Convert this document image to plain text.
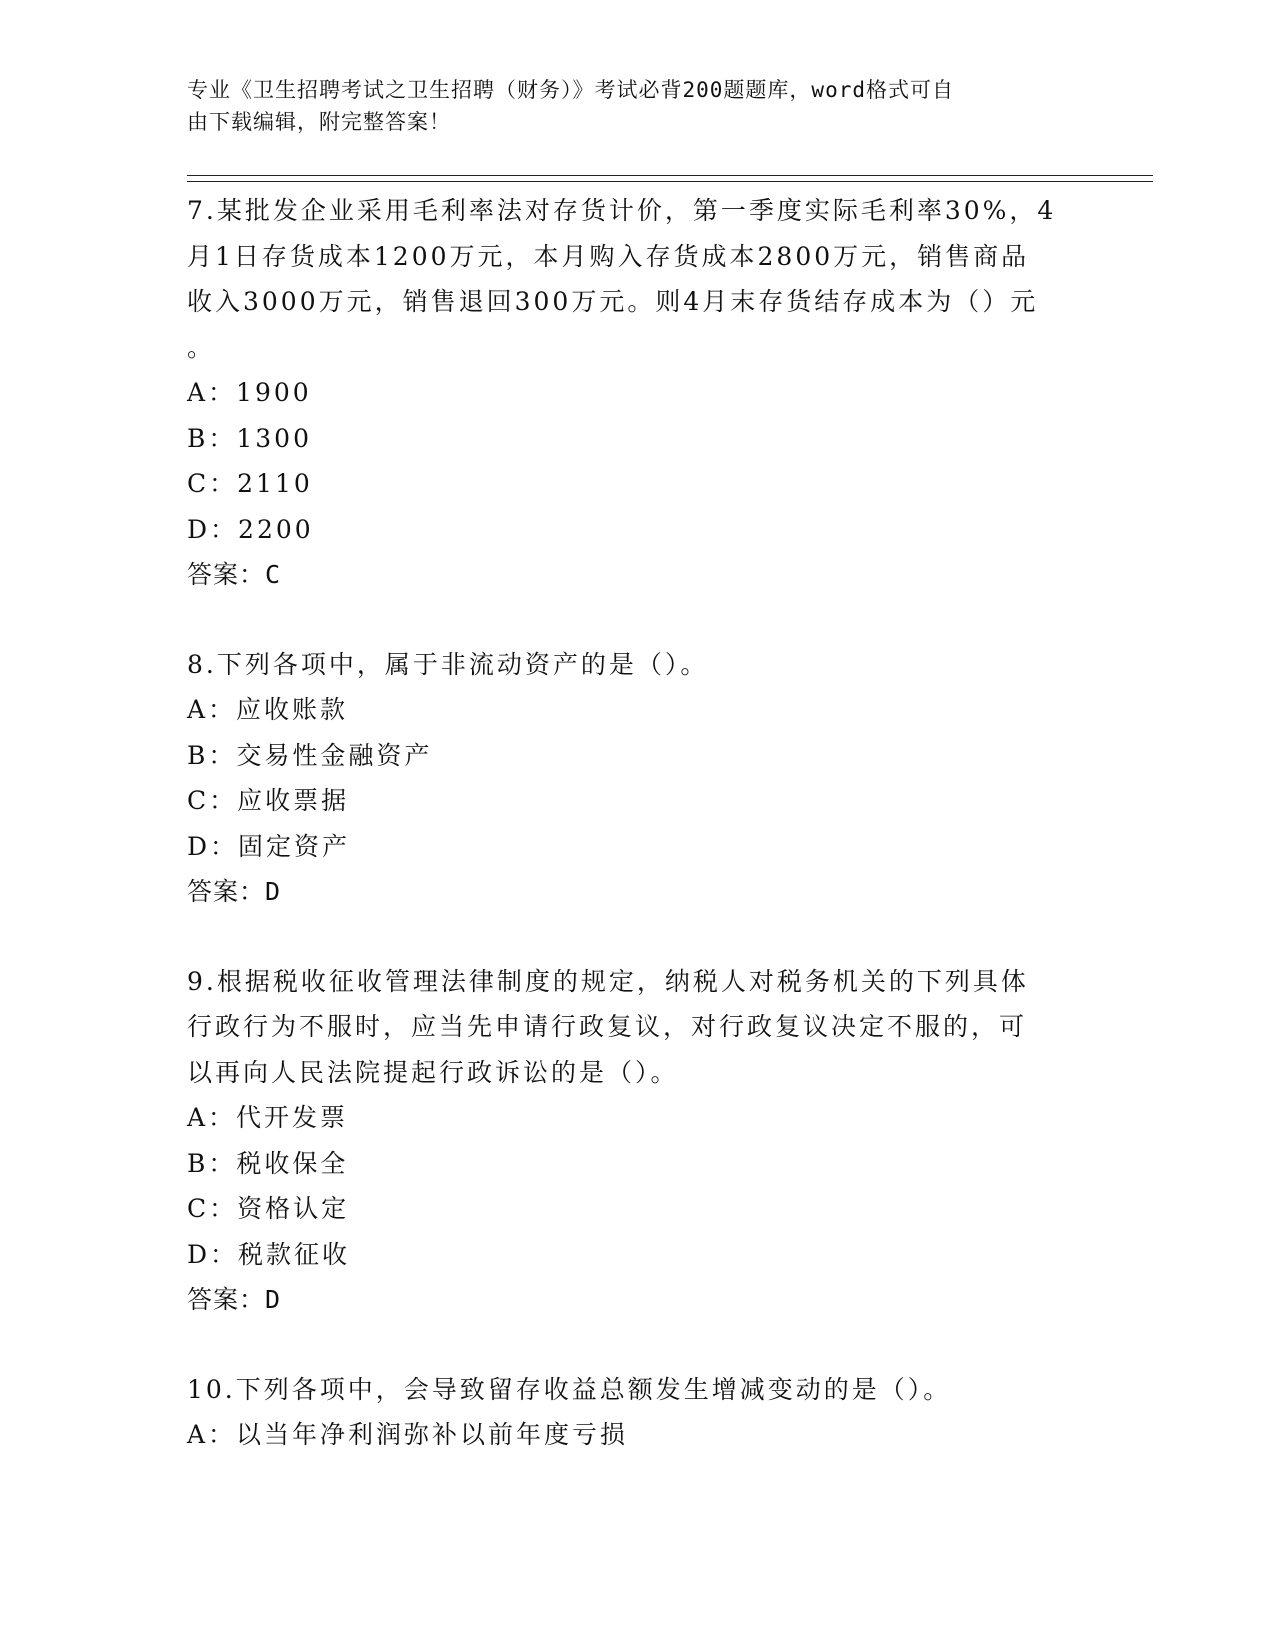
专业《卫生招聘考试之卫生招聘（财务）》考试必背200题题库，word格式可自
由下载编辑，附完整答案！
7.某批发企业采用毛利率法对存货计价，第一季度实际毛利率30%，4
月1日存货成本1200万元，本月购入存货成本2800万元，销售商品
收入3000万元，销售退回300万元。则4月末存货结存成本为（）元
。
A：1900
B：1300
C：2110
D：2200
答案：C
8.下列各项中，属于非流动资产的是（）。
A：应收账款
B：交易性金融资产
C：应收票据
D：固定资产
答案：D
9.根据税收征收管理法律制度的规定，纳税人对税务机关的下列具体
行政行为不服时，应当先申请行政复议，对行政复议决定不服的，可
以再向人民法院提起行政诉讼的是（）。
A：代开发票
B：税收保全
C：资格认定
D：税款征收
答案：D
10.下列各项中，会导致留存收益总额发生增减变动的是（）。
A：以当年净利润弥补以前年度亏损
